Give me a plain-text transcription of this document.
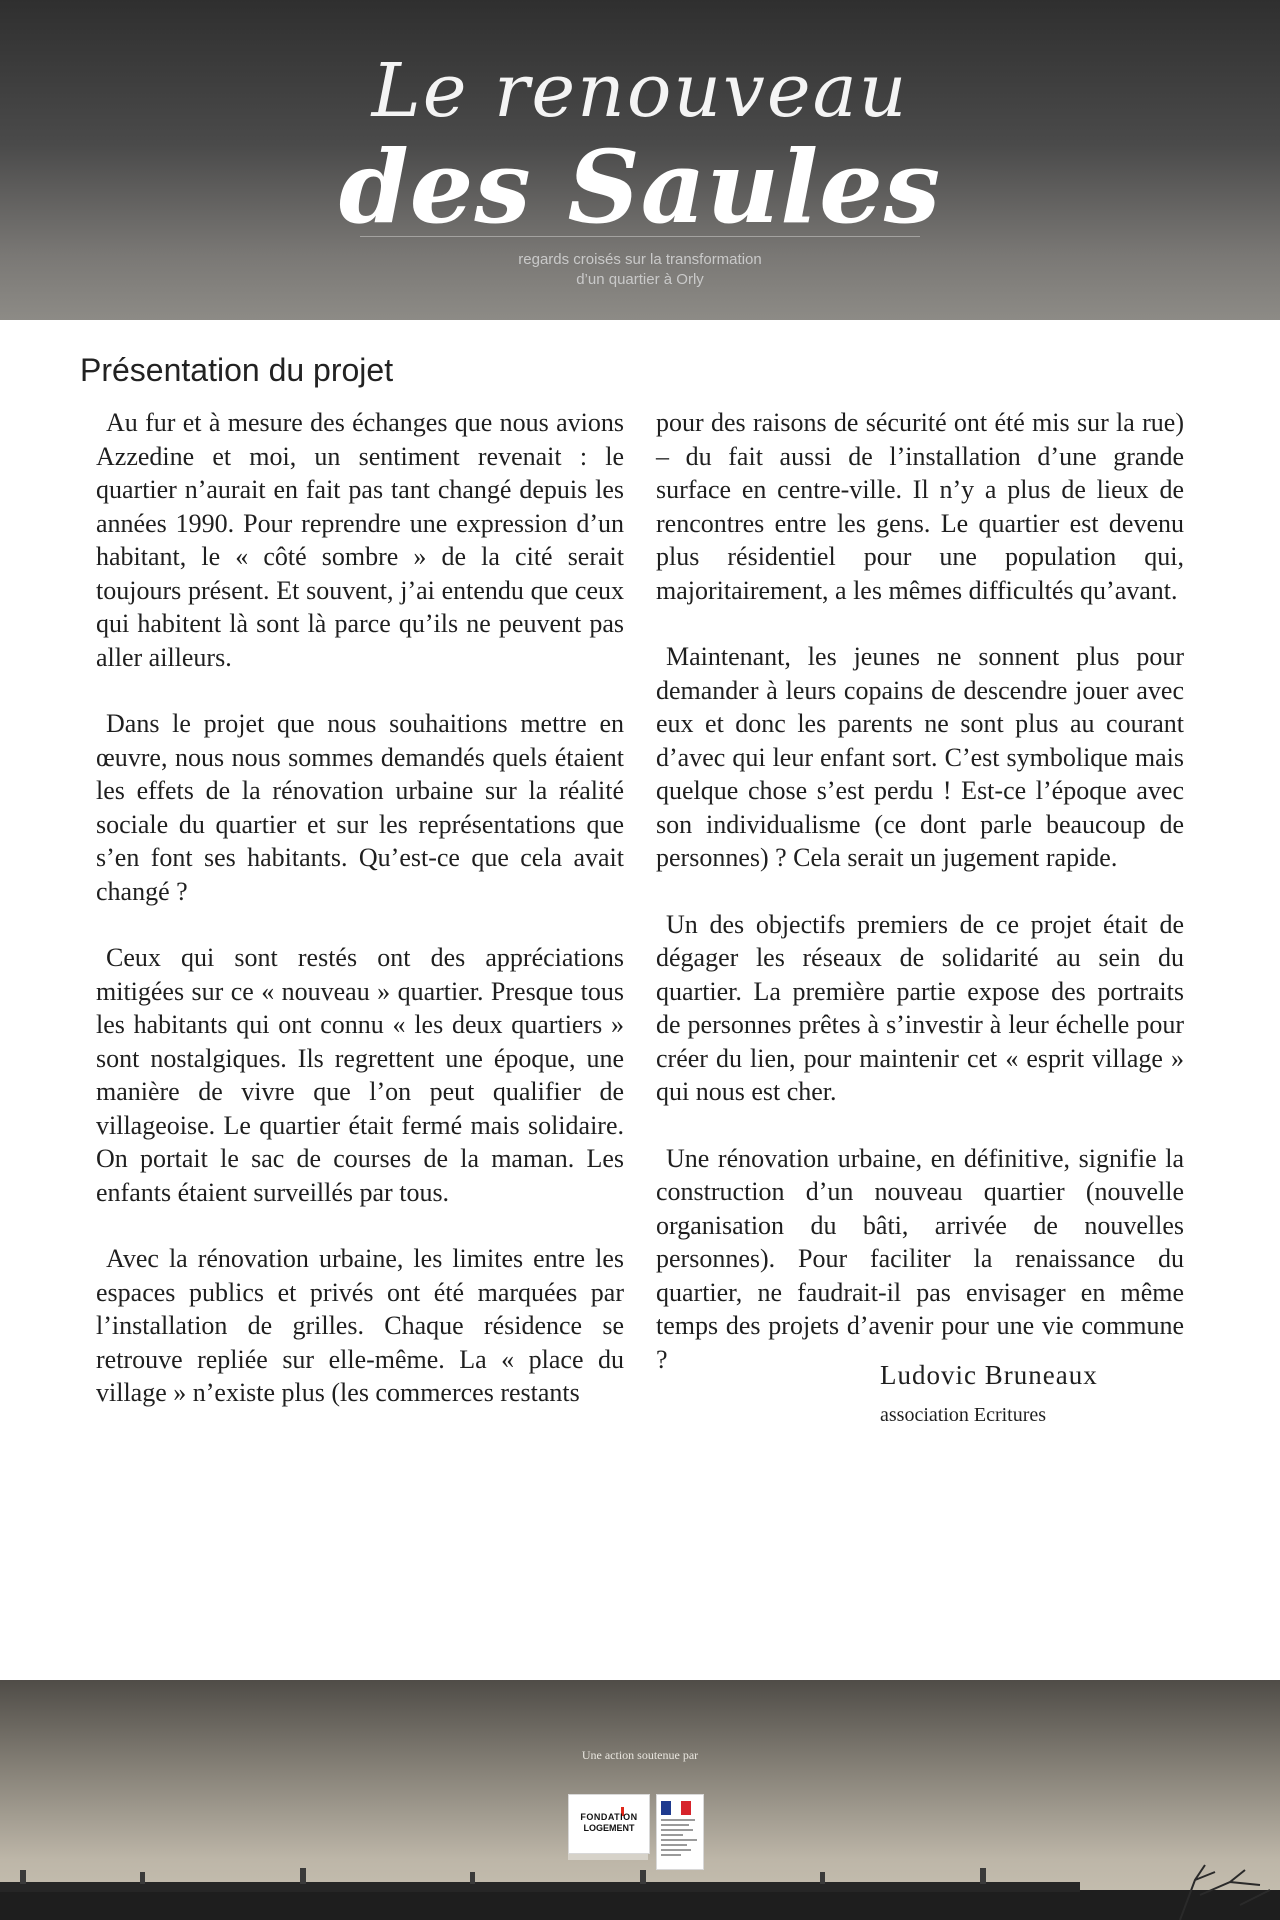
Le renouveau
des Saules
regards croisés sur la transformation
d’un quartier à Orly
Présentation du projet

Au fur et à mesure des échanges que nous avions Azzedine et moi, un sentiment revenait : le quartier n’aurait en fait pas tant changé depuis les années 1990. Pour reprendre une expression d’un habitant, le « côté sombre » de la cité serait toujours présent. Et souvent, j’ai entendu que ceux qui habitent là sont là parce qu’ils ne peuvent pas aller ailleurs.

Dans le projet que nous souhaitions mettre en œuvre, nous nous sommes demandés quels étaient les effets de la rénovation urbaine sur la réalité sociale du quartier et sur les représentations que s’en font ses habitants. Qu’est-ce que cela avait changé ?

Ceux qui sont restés ont des appréciations mitigées sur ce « nouveau » quartier. Presque tous les habitants qui ont connu « les deux quartiers » sont nostalgiques. Ils regrettent une époque, une manière de vivre que l’on peut qualifier de villageoise. Le quartier était fermé mais solidaire. On portait le sac de courses de la maman. Les enfants étaient surveillés par tous.

Avec la rénovation urbaine, les limites entre les espaces publics et privés ont été marquées par l’installation de grilles. Chaque résidence se retrouve repliée sur elle-même. La « place du village » n’existe plus (les commerces restants

pour des raisons de sécurité ont été mis sur la rue) – du fait aussi de l’installation d’une grande surface en centre-ville. Il n’y a plus de lieux de rencontres entre les gens. Le quartier est devenu plus résidentiel pour une population qui, majoritairement, a les mêmes difficultés qu’avant.

Maintenant, les jeunes ne sonnent plus pour demander à leurs copains de descendre jouer avec eux et donc les parents ne sont plus au courant d’avec qui leur enfant sort. C’est symbolique mais quelque chose s’est perdu ! Est-ce l’époque avec son individualisme (ce dont parle beaucoup de personnes) ? Cela serait un jugement rapide.

Un des objectifs premiers de ce projet était de dégager les réseaux de solidarité au sein du quartier. La première partie expose des portraits de personnes prêtes à s’investir à leur échelle pour créer du lien, pour maintenir cet « esprit village » qui nous est cher.

Une rénovation urbaine, en définitive, signifie la construction d’un nouveau quartier (nouvelle organisation du bâti, arrivée de nouvelles personnes). Pour faciliter la renaissance du quartier, ne faudrait-il pas envisager en même temps des projets d’avenir pour une vie commune ?

Ludovic Bruneaux
association Ecritures
Une action soutenue par
FONDATION
LOGEMENT
